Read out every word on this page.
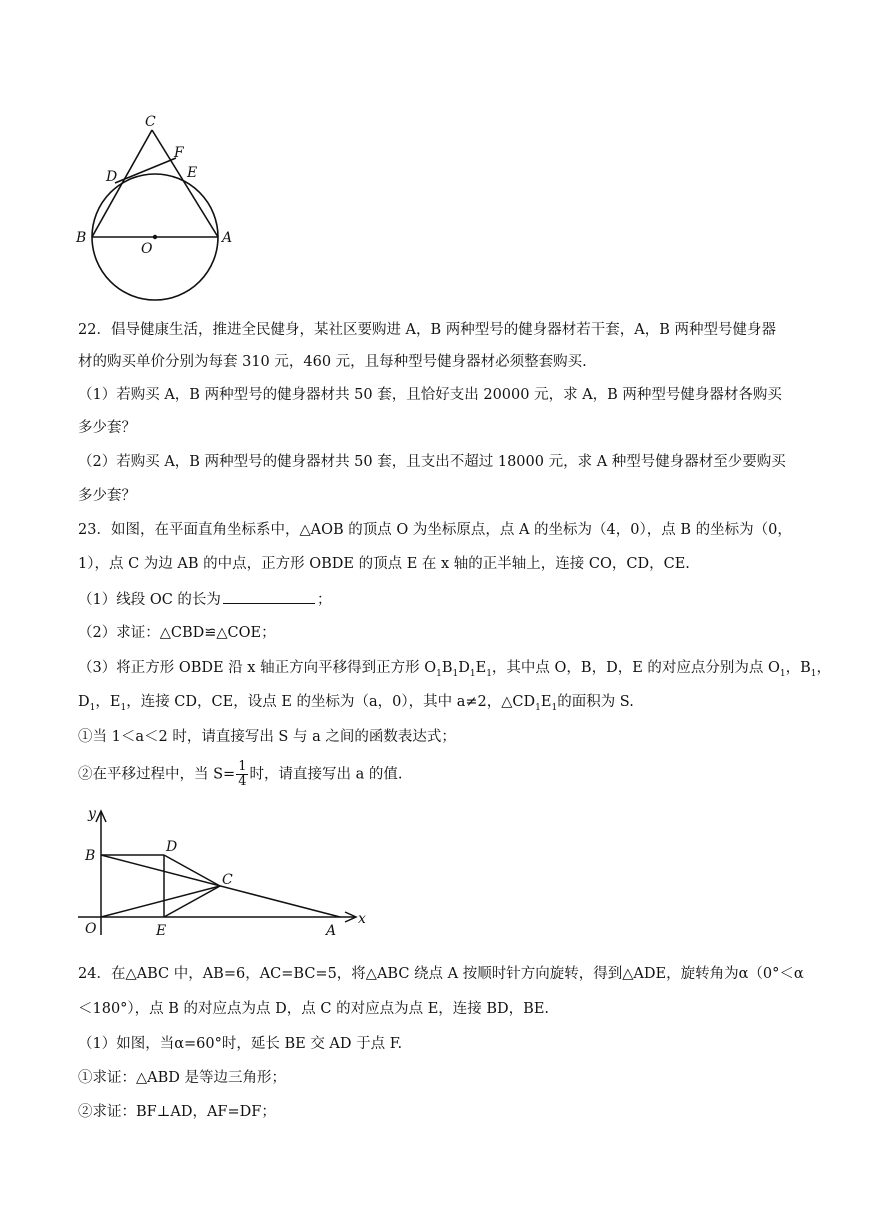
C
F
D	E
B
O
A
22．倡导健康生活，推进全民健身，某社区要购进 A，B 两种型号的健身器材若干套，A，B 两种型号健身器
材的购买单价分别为每套 310 元，460 元，且每种型号健身器材必须整套购买.
（1）若购买 A，B 两种型号的健身器材共 50 套，且恰好支出 20000 元，求 A，B 两种型号健身器材各购买
多少套？
（2）若购买 A，B 两种型号的健身器材共 50 套，且支出不超过 18000 元，求 A 种型号健身器材至少要购买
多少套？
23．如图，在平面直角坐标系中，△AOB 的顶点 O 为坐标原点，点 A 的坐标为（4，0），点 B 的坐标为（0，
1），点 C 为边 AB 的中点，正方形 OBDE 的顶点 E 在 x 轴的正半轴上，连接 CO，CD，CE.
（1）线段 OC 的长为	；
（2）求证：△CBD≌△COE；
（3）将正方形 OBDE 沿 x 轴正方向平移得到正方形 $O_1B_1D_1E_1$，其中点 O，B，D，E 的对应点分别为点 $O_1$，$B_1$，
$D_1$，$E_1$，连接 CD，CE，设点 E 的坐标为（a，0），其中 a≠2，$\triangle CD_1E_1$的面积为 S.
①当 1＜a＜2 时，请直接写出 S 与 a 之间的函数表达式；
②在平移过程中，当 $S= \frac{1}{4}$ 时，请直接写出 a 的值.
y
x
B
D
C
O	E	A
24．在△ABC 中，AB=6，AC=BC=5，将△ABC 绕点 A 按顺时针方向旋转，得到△ADE，旋转角为α（0°＜α
＜180°），点 B 的对应点为点 D，点 C 的对应点为点 E，连接 BD，BE.
（1）如图，当α=60°时，延长 BE 交 AD 于点 F.
①求证：△ABD 是等边三角形；
②求证：BF⊥AD，AF=DF；
